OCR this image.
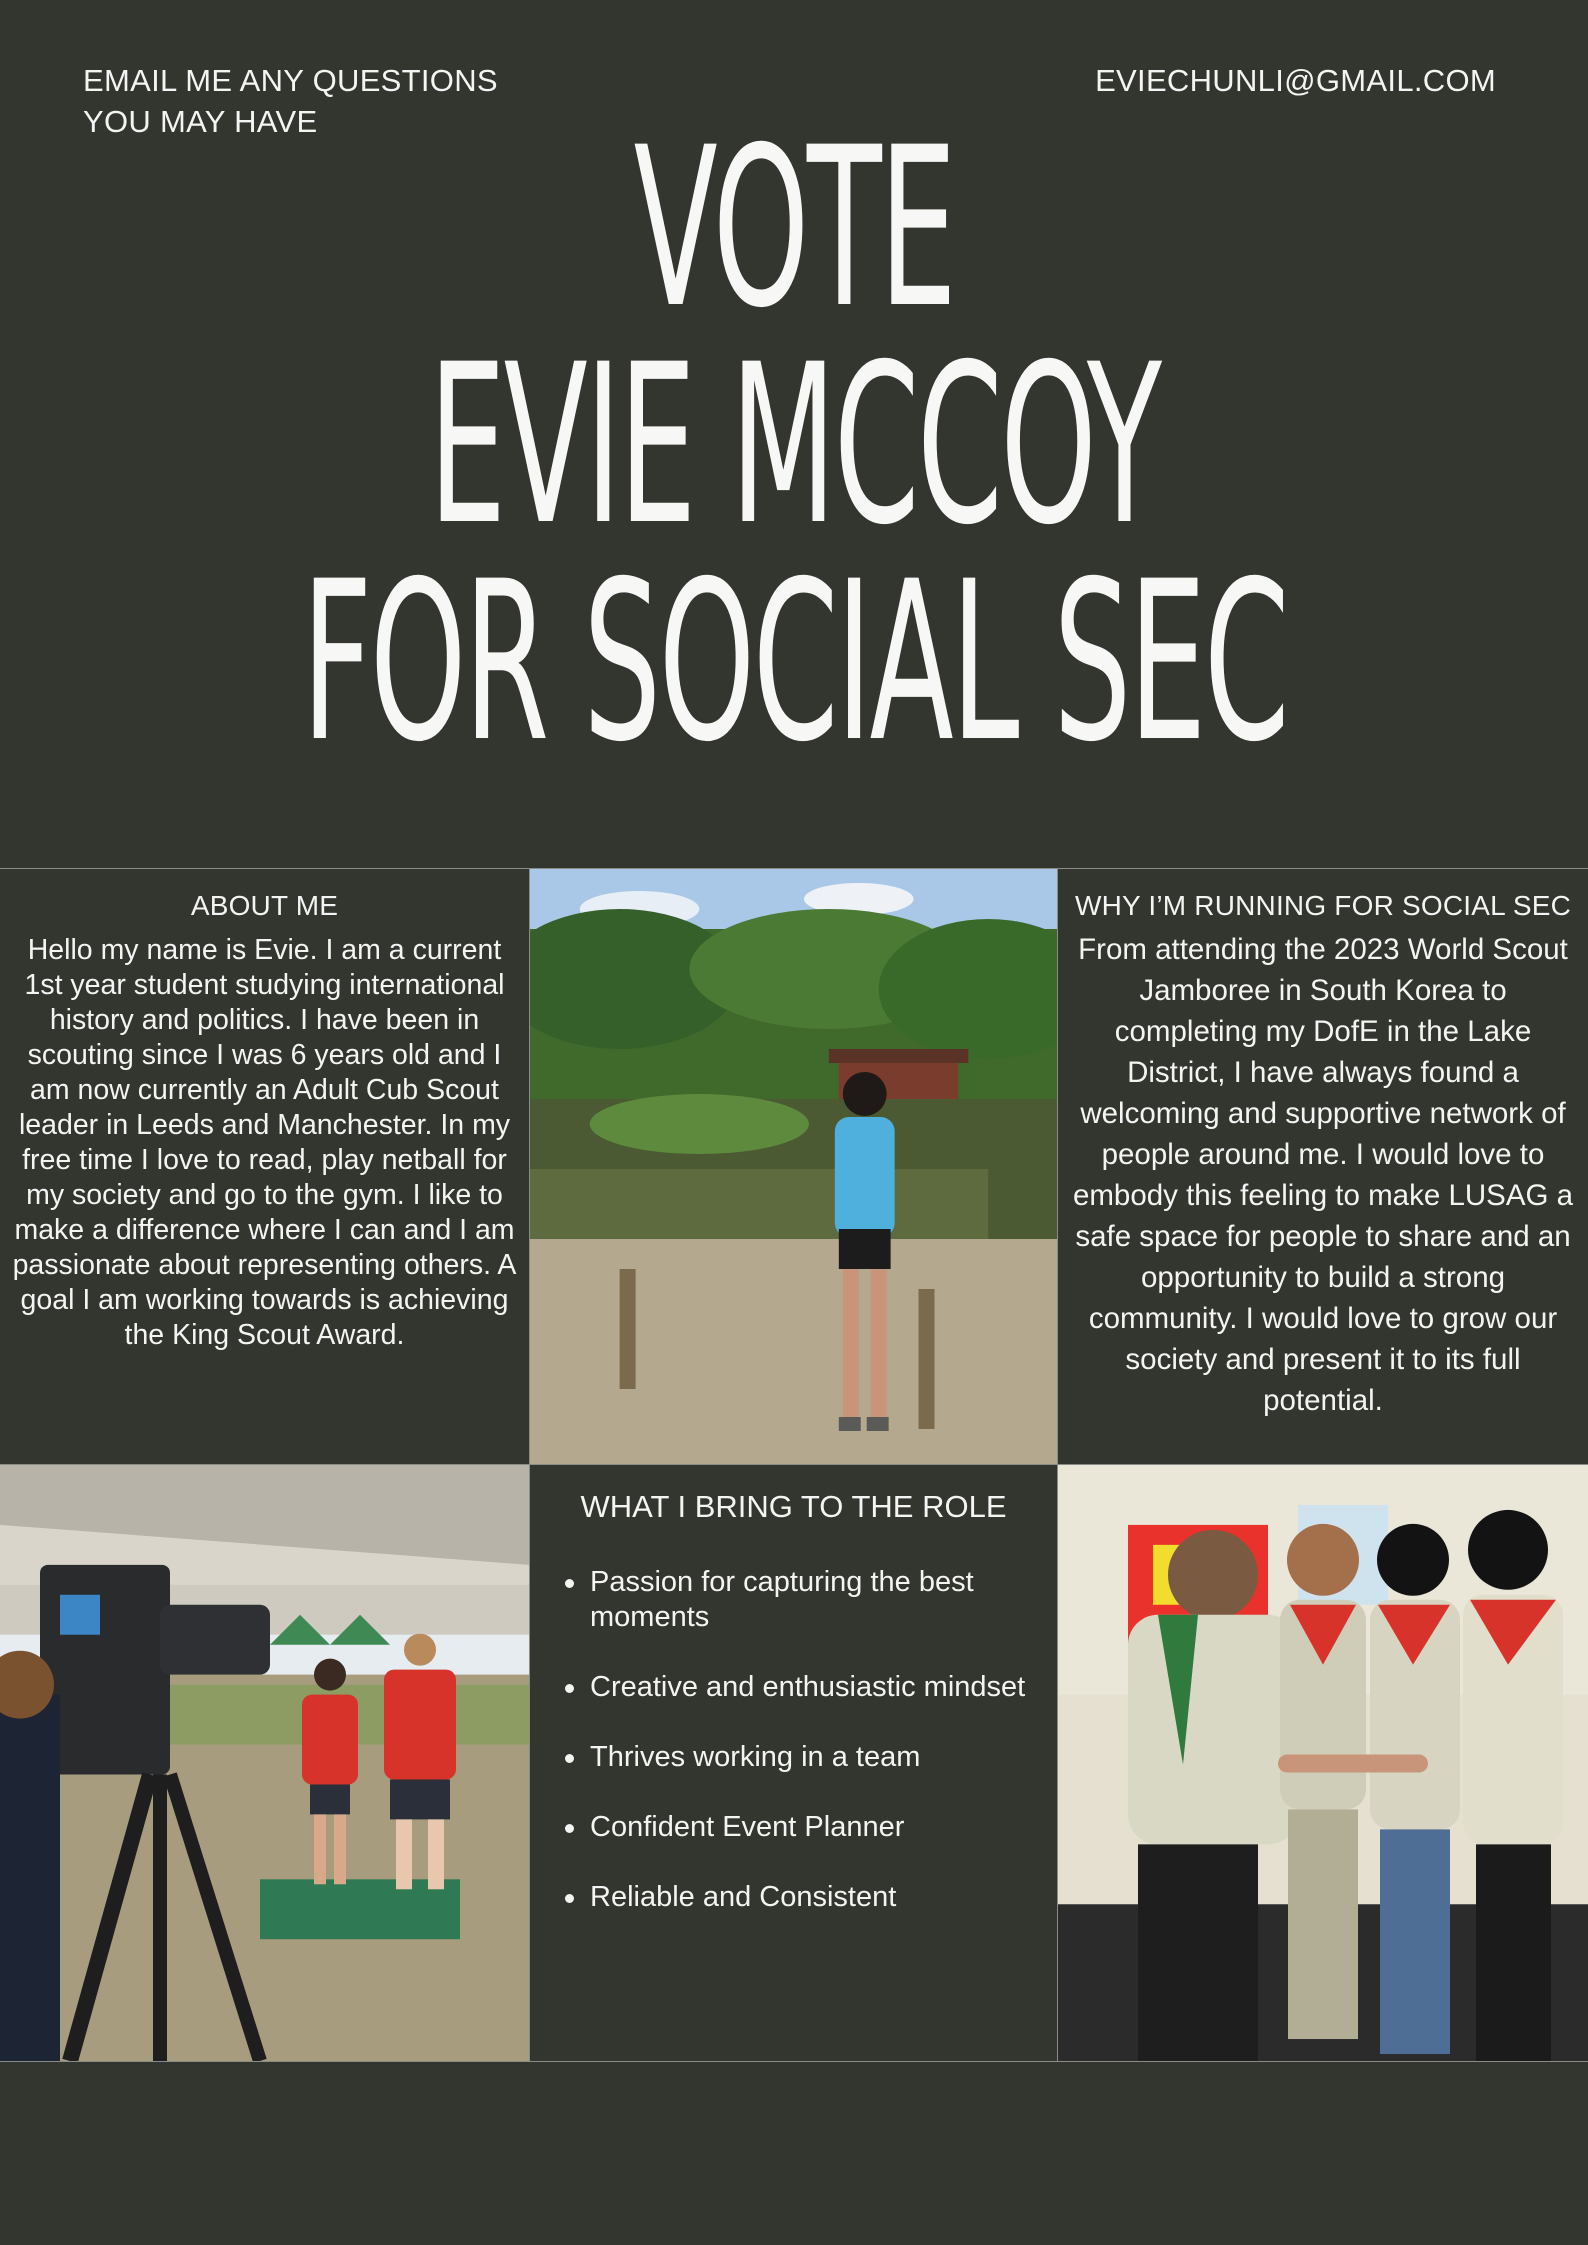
EMAIL ME ANY QUESTIONS YOU MAY HAVE
EVIECHUNLI@GMAIL.COM
VOTE
EVIE MCCOY
FOR SOCIAL SEC
ABOUT ME
Hello my name is Evie. I am a current 1st year student studying international history and politics. I have been in scouting since I was 6 years old and I am now currently an Adult Cub Scout leader in Leeds and Manchester. In my free time I love to read, play netball for my society and go to the gym. I like to make a difference where I can and I am passionate about representing others. A goal I am working towards is achieving the King Scout Award.
WHY I’M RUNNING FOR SOCIAL SEC
From attending the 2023 World Scout Jamboree in South Korea to completing my DofE in the Lake District, I have always found a welcoming and supportive network of people around me. I would love to embody this feeling to make LUSAG a safe space for people to share and an opportunity to build a strong community. I would love to grow our society and present it to its full potential.
WHAT I BRING TO THE ROLE
Passion for capturing the best moments
Creative and enthusiastic mindset
Thrives working in a team
Confident Event Planner
Reliable and Consistent
